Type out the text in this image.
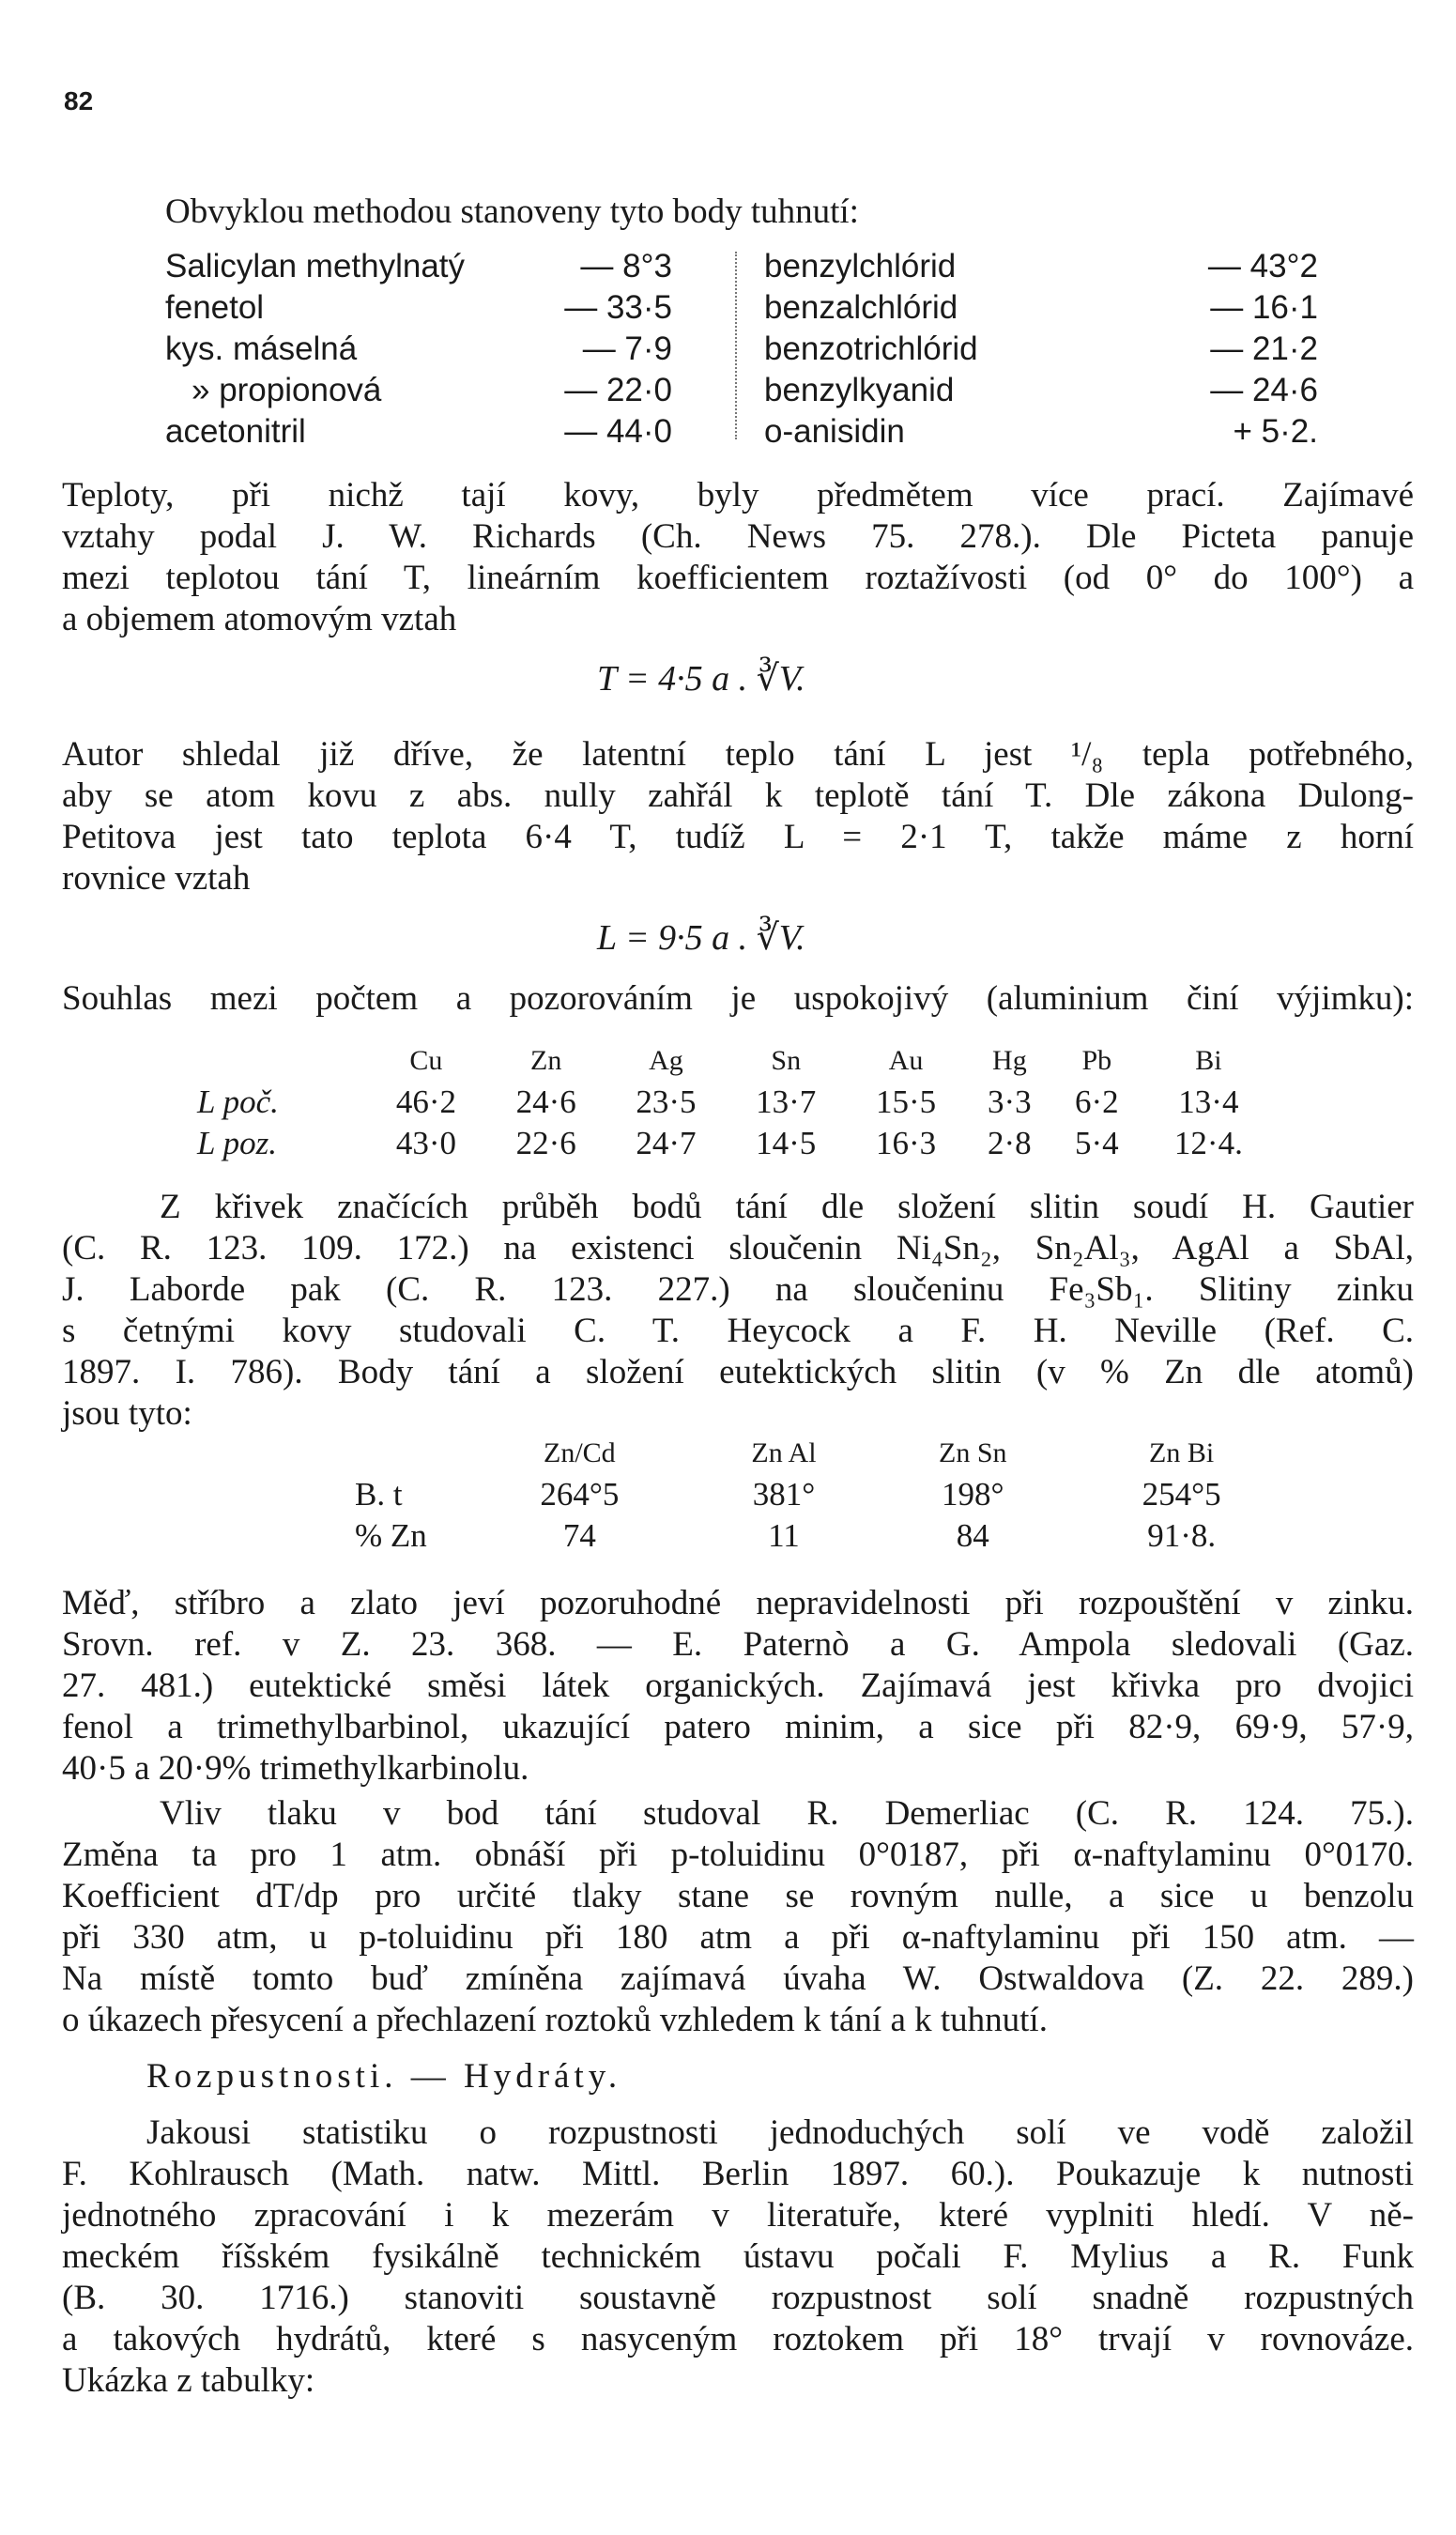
82
Obvyklou methodou stanoveny tyto body tuhnutí:
Salicylan methylnatý	— 8°3
fenetol	— 33·5
kys. máselná	— 7·9
» propionová	— 22·0
acetonitril	— 44·0
benzylchlórid	— 43°2
benzalchlórid	— 16·1
benzotrichlórid	— 21·2
benzylkyanid	— 24·6
o-anisidin	+ 5·2.
Teploty, při nichž tají kovy, byly předmětem více prací. Zajímavé
vztahy podal J. W. Richards (Ch. News 75. 278.). Dle Picteta panuje
mezi teplotou tání T, lineárním koefficientem roztažívosti (od 0° do 100°) a
a objemem atomovým vztah
T = 4·5 a . ∛V.
Autor shledal již dříve, že latentní teplo tání L jest ¹/₈ tepla potřebného,
aby se atom kovu z abs. nully zahřál k teplotě tání T. Dle zákona Dulong-
Petitova jest tato teplota 6·4 T, tudíž L = 2·1 T, takže máme z horní
rovnice vztah
L = 9·5 a . ∛V.
Souhlas mezi počtem a pozorováním je uspokojivý (aluminium činí výjimku):
	Cu	Zn	Ag	Sn	Au	Hg	Pb	Bi
L poč.	46·2	24·6	23·5	13·7	15·5	3·3	6·2	13·4
L poz.	43·0	22·6	24·7	14·5	16·3	2·8	5·4	12·4.
Z křivek značících průběh bodů tání dle složení slitin soudí H. Gautier
(C. R. 123. 109. 172.) na existenci sloučenin Ni₄Sn₂, Sn₂Al₃, AgAl a SbAl,
J. Laborde pak (C. R. 123. 227.) na sloučeninu Fe₃Sb₁. Slitiny zinku
s četnými kovy studovali C. T. Heycock a F. H. Neville (Ref. C.
1897. I. 786). Body tání a složení eutektických slitin (v % Zn dle atomů)
jsou tyto:
	Zn/Cd	Zn Al	Zn Sn	Zn Bi
B. t	264°5	381°	198°	254°5
% Zn	74	11	84	91·8.
Měď, stříbro a zlato jeví pozoruhodné nepravidelnosti při rozpouštění v zinku.
Srovn. ref. v Z. 23. 368. — E. Paternò a G. Ampola sledovali (Gaz.
27. 481.) eutektické směsi látek organických. Zajímavá jest křivka pro dvojici
fenol a trimethylbarbinol, ukazující patero minim, a sice při 82·9, 69·9, 57·9,
40·5 a 20·9% trimethylkarbinolu.
Vliv tlaku v bod tání studoval R. Demerliac (C. R. 124. 75.).
Změna ta pro 1 atm. obnáší při p-toluidinu 0°0187, při α-naftylaminu 0°0170.
Koefficient dT/dp pro určité tlaky stane se rovným nulle, a sice u benzolu
při 330 atm, u p-toluidinu při 180 atm a při α-naftylaminu při 150 atm. —
Na místě tomto buď zmíněna zajímavá úvaha W. Ostwaldova (Z. 22. 289.)
o úkazech přesycení a přechlazení roztoků vzhledem k tání a k tuhnutí.
Rozpustnosti. — Hydráty.
Jakousi statistiku o rozpustnosti jednoduchých solí ve vodě založil
F. Kohlrausch (Math. natw. Mittl. Berlin 1897. 60.). Poukazuje k nutnosti
jednotného zpracování i k mezerám v literatuře, které vyplniti hledí. V ně-
meckém říšském fysikálně technickém ústavu počali F. Mylius a R. Funk
(B. 30. 1716.) stanoviti soustavně rozpustnost solí snadně rozpustných
a takových hydrátů, které s nasyceným roztokem při 18° trvají v rovnováze.
Ukázka z tabulky:
